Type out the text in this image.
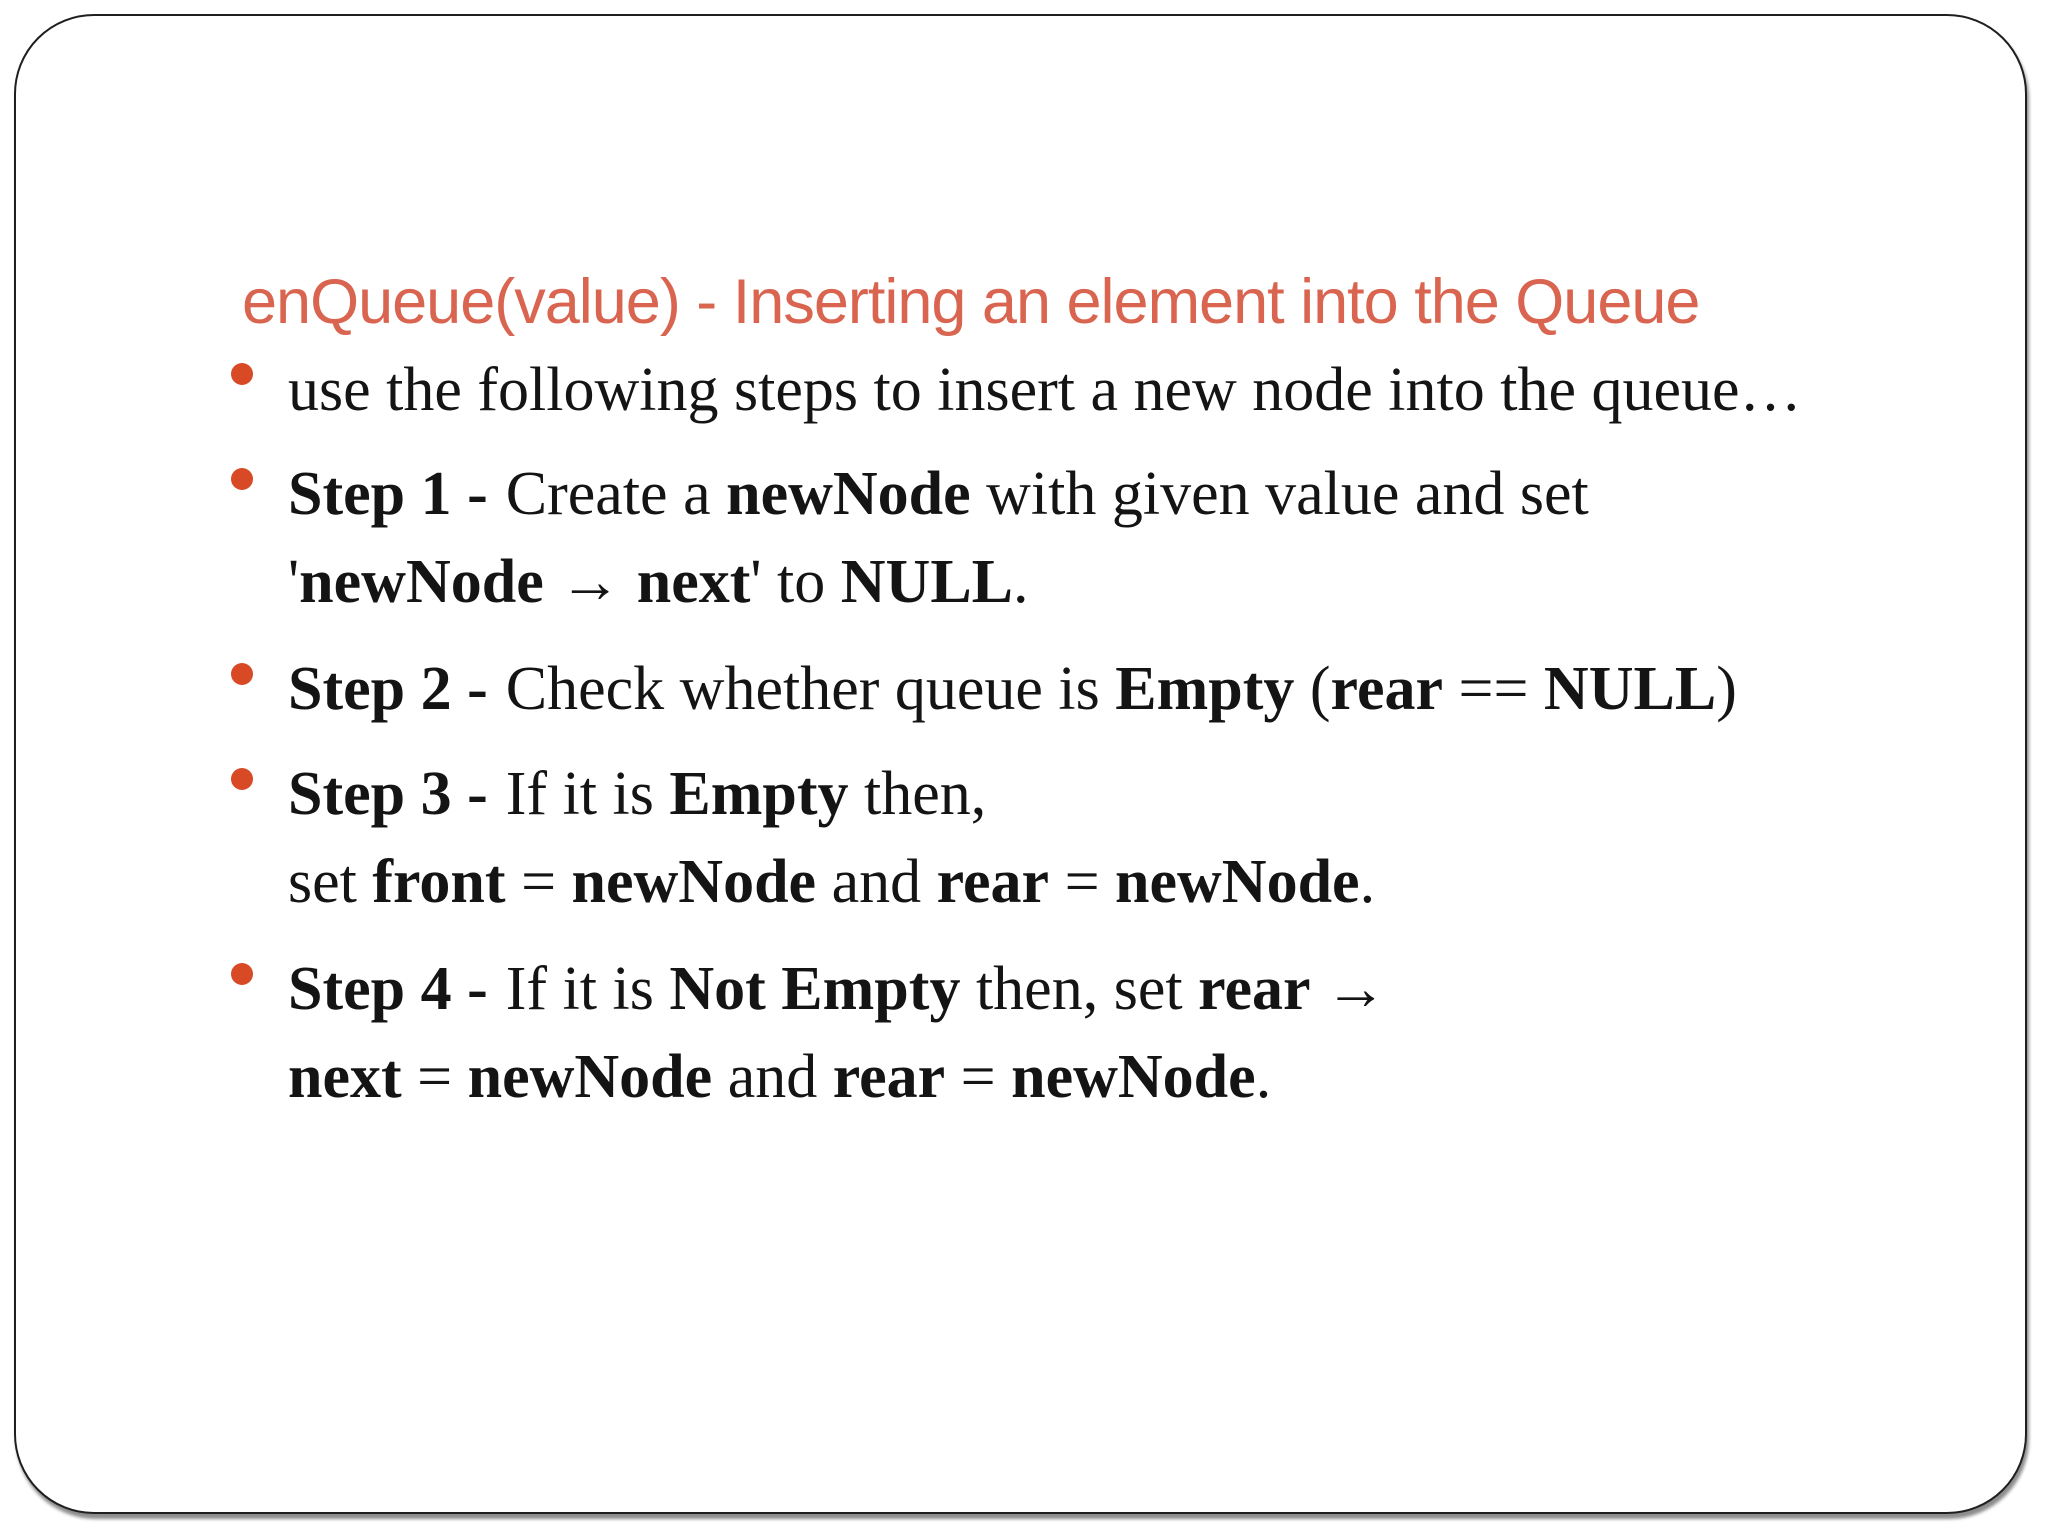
enQueue(value) - Inserting an element into the Queue
use the following steps to insert a new node into the queue…
Step 1 - Create a newNode with given value and set
'newNode → next' to NULL.
Step 2 - Check whether queue is Empty (rear == NULL)
Step 3 - If it is Empty then,
set front = newNode and rear = newNode.
Step 4 - If it is Not Empty then, set rear →
next = newNode and rear = newNode.
